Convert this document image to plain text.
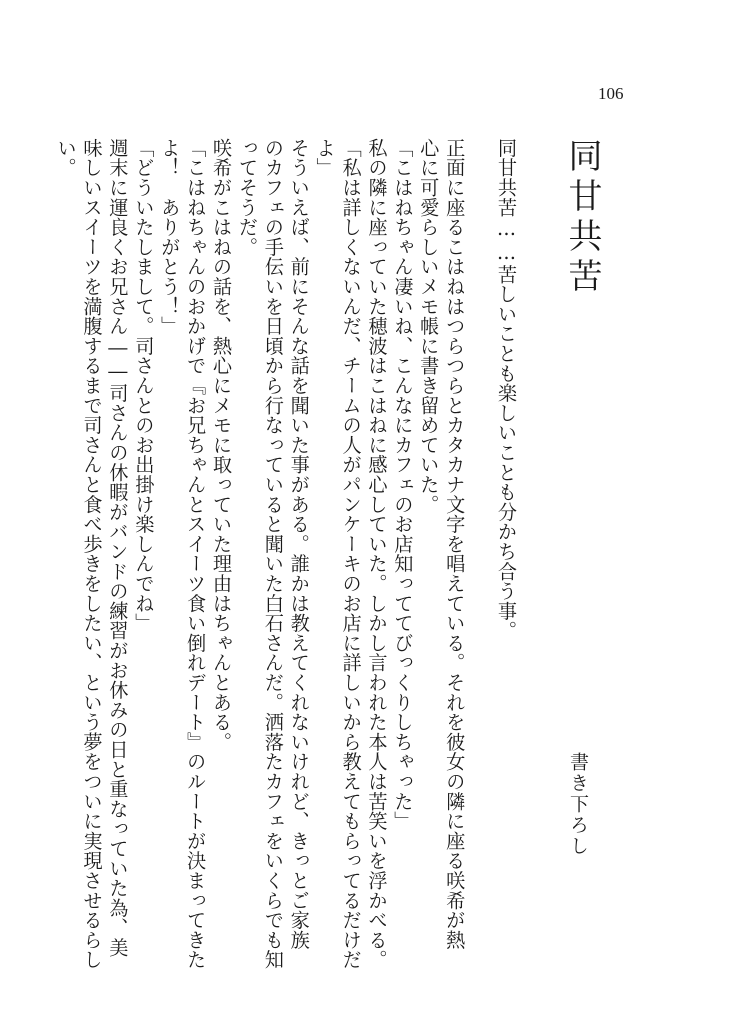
106
同甘共苦
書き下ろし
同甘共苦……苦しいことも楽しいことも分かち合う事。

正面に座るこはねはつらつらとカタカナ文字を唱えている。それを彼女の隣に座る咲希が熱
心に可愛らしいメモ帳に書き留めていた。
「こはねちゃん凄いね、こんなにカフェのお店知っててびっくりしちゃった」
私の隣に座っていた穂波はこはねに感心していた。しかし言われた本人は苦笑いを浮かべる。
「私は詳しくないんだ、チームの人がパンケーキのお店に詳しいから教えてもらってるだけだ
よ」
そういえば、前にそんな話を聞いた事がある。誰かは教えてくれないけれど、きっとご家族
のカフェの手伝いを日頃から行なっていると聞いた白石さんだ。洒落たカフェをいくらでも知
ってそうだ。
咲希がこはねの話を、熱心にメモに取っていた理由はちゃんとある。
「こはねちゃんのおかげで『お兄ちゃんとスイーツ食い倒れデート』のルートが決まってきた
よ！　ありがとう！」
「どういたしまして。司さんとのお出掛け楽しんでね」
週末に運良くお兄さん――司さんの休暇がバンドの練習がお休みの日と重なっていた為、美
味しいスイーツを満腹するまで司さんと食べ歩きをしたい、という夢をついに実現させるらし
い。
